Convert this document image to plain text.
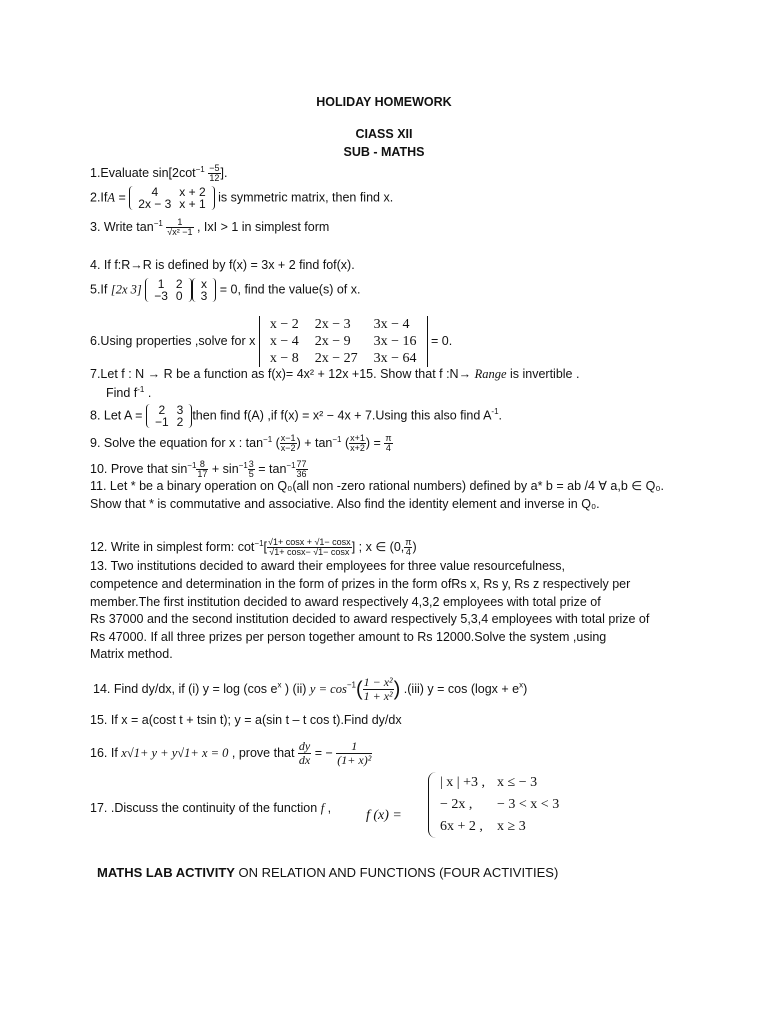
HOLIDAY HOMEWORK
CIASS XII
SUB - MATHS
1.Evaluate $\sin[2\cot^{-1} \frac{-5}{12}$ ].
2.IfA = 4	x + 2
2x − 3	x + 1 is symmetric matrix, then find x.
3. Write $\tan^{-1} \frac{1}{\text{√x² −1}}$ , IxI > 1 in simplest form
4. If f:R→R is defined by f(x) = 3x + 2 find fof(x).
5.If [2x 3] 1	2
−3	0
x
3 = 0, find the value(s) of x.
6.Using properties ,solve for x
x − 2	2x − 3	3x − 4
x − 4	2x − 9	3x − 16
x − 8	2x − 27	3x − 64
= 0.
7.Let f : N → R be a function as f(x)= 4x² + 12x +15. Show that f :N→ Range is invertible .
Find $f^{-1}$ .
8. Let A = 2	3
−1	2 then find f(A) ,if f(x) = x² − 4x + 7.Using this also find $A^{-1}$.
9. Solve the equation for x : $\tan^{-1}$ ( $\frac{x-1}{x-2}$ ) + $\tan^{-1}$ ( $\frac{x+1}{x+2}$ ) = $\frac{\pi}{4}$
10. Prove that $\sin^{-1} \frac{8}{17} + \sin^{-1} \frac{3}{5} = \tan^{-1} \frac{77}{36}$
11. Let * be a binary operation on Q₀(all non -zero rational numbers) defined by a* b = ab /4 ∀ a,b ∈ Q₀.
Show that * is commutative and associative. Also find the identity element and inverse in Q₀.
12. Write in simplest form: $\cot^{-1}[ \frac{√1+ \cos x + √1- \cos x}{√1+ \cos x- √1- \cos x}$ ] ; x ∈ (0, $\frac{\pi}{4}$ )
13. Two institutions decided to award their employees for three value resourcefulness,
competence and determination in the form of prizes in the form ofRs x, Rs y, Rs z respectively per
member.The first institution decided to award respectively 4,3,2 employees with total prize of
Rs 37000 and the second institution decided to award respectively 5,3,4 employees with total prize of
Rs 47000. If all three prizes per person together amount to Rs 12000.Solve the system ,using
Matrix method.
14. Find dy/dx, if (i) y = log (cos $e^x$ ) (ii) $y = \cos^{-1}( \frac{\text{1 − x²}}{\text{1 + x²}}$ ) .(iii) $y = \cos (\log x + e^x)$
15. If x = a(cost t + tsin t); y = a(sin t – t cos t).Find dy/dx
16. If x√1+ y + y√1+ x = 0 , prove that $\frac{dy}{dx}$ = − $\frac{1}{\text{(1+ x)²}}$
17. .Discuss the continuity of the function f , f (x) =
| x | +3 ,	x ≤ − 3
− 2x ,	− 3 < x < 3
6x + 2 ,	x ≥ 3
MATHS LAB ACTIVITY ON RELATION AND FUNCTIONS (FOUR ACTIVITIES)
